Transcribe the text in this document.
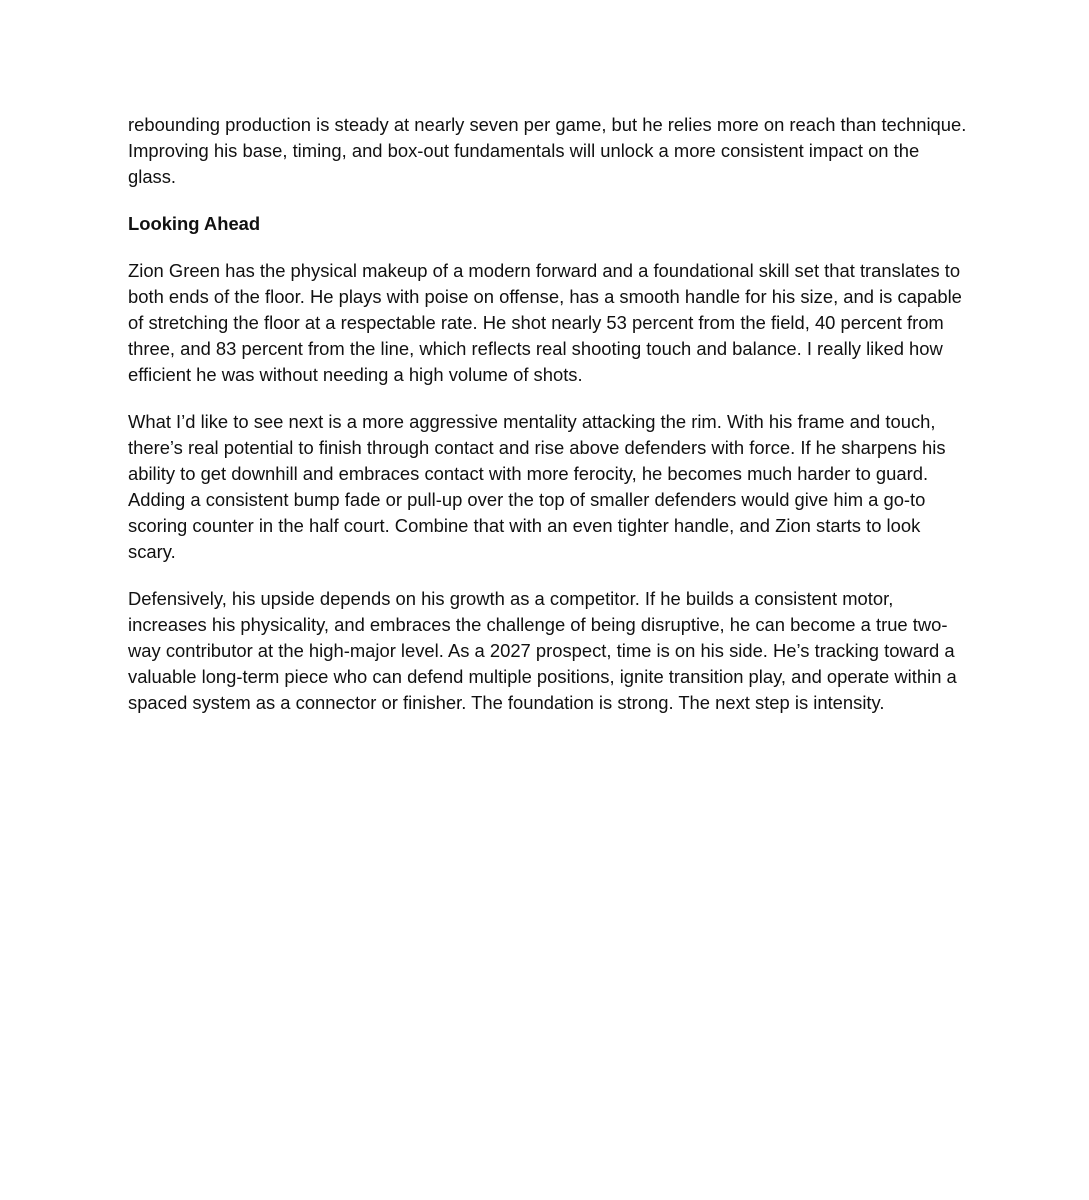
rebounding production is steady at nearly seven per game, but he relies more on reach than technique. Improving his base, timing, and box-out fundamentals will unlock a more consistent impact on the glass.

Looking Ahead

Zion Green has the physical makeup of a modern forward and a foundational skill set that translates to both ends of the floor. He plays with poise on offense, has a smooth handle for his size, and is capable of stretching the floor at a respectable rate. He shot nearly 53 percent from the field, 40 percent from three, and 83 percent from the line, which reflects real shooting touch and balance. I really liked how efficient he was without needing a high volume of shots.

What I’d like to see next is a more aggressive mentality attacking the rim. With his frame and touch, there’s real potential to finish through contact and rise above defenders with force. If he sharpens his ability to get downhill and embraces contact with more ferocity, he becomes much harder to guard. Adding a consistent bump fade or pull-up over the top of smaller defenders would give him a go-to scoring counter in the half court. Combine that with an even tighter handle, and Zion starts to look scary.

Defensively, his upside depends on his growth as a competitor. If he builds a consistent motor, increases his physicality, and embraces the challenge of being disruptive, he can become a true two-way contributor at the high-major level. As a 2027 prospect, time is on his side. He’s tracking toward a valuable long-term piece who can defend multiple positions, ignite transition play, and operate within a spaced system as a connector or finisher. The foundation is strong. The next step is intensity.
